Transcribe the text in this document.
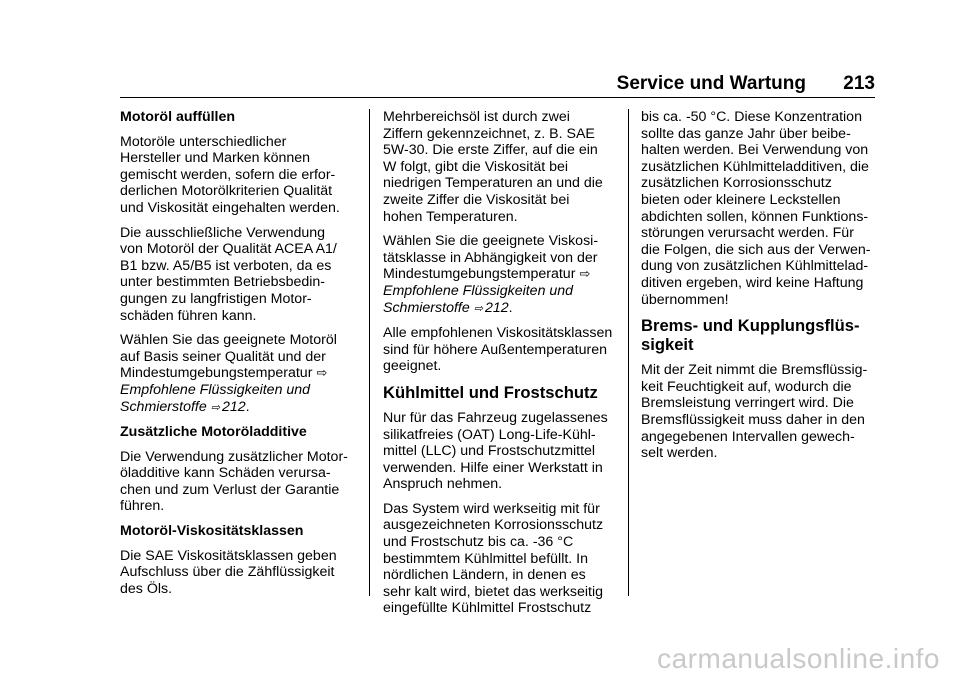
Service und Wartung 213
Motoröl auffüllen
Motoröle unterschiedlicher
Hersteller und Marken können
gemischt werden, sofern die erfor-
derlichen Motorölkriterien Qualität
und Viskosität eingehalten werden.
Die ausschließliche Verwendung
von Motoröl der Qualität ACEA A1/
B1 bzw. A5/B5 ist verboten, da es
unter bestimmten Betriebsbedin-
gungen zu langfristigen Motor-
schäden führen kann.
Wählen Sie das geeignete Motoröl
auf Basis seiner Qualität und der
Mindestumgebungstemperatur ⇨
Empfohlene Flüssigkeiten und
Schmierstoffe ⇨ 212.
Zusätzliche Motoröladditive
Die Verwendung zusätzlicher Motor-
öladditive kann Schäden verursa-
chen und zum Verlust der Garantie
führen.
Motoröl-Viskositätsklassen
Die SAE Viskositätsklassen geben
Aufschluss über die Zähflüssigkeit
des Öls.
Mehrbereichsöl ist durch zwei
Ziffern gekennzeichnet, z. B. SAE
5W-30. Die erste Ziffer, auf die ein
W folgt, gibt die Viskosität bei
niedrigen Temperaturen an und die
zweite Ziffer die Viskosität bei
hohen Temperaturen.
Wählen Sie die geeignete Viskosi-
tätsklasse in Abhängigkeit von der
Mindestumgebungstemperatur ⇨
Empfohlene Flüssigkeiten und
Schmierstoffe ⇨ 212.
Alle empfohlenen Viskositätsklassen
sind für höhere Außentemperaturen
geeignet.
Kühlmittel und Frostschutz
Nur für das Fahrzeug zugelassenes
silikatfreies (OAT) Long-Life-Kühl-
mittel (LLC) und Frostschutzmittel
verwenden. Hilfe einer Werkstatt in
Anspruch nehmen.
Das System wird werkseitig mit für
ausgezeichneten Korrosionsschutz
und Frostschutz bis ca. -36 °C
bestimmtem Kühlmittel befüllt. In
nördlichen Ländern, in denen es
sehr kalt wird, bietet das werkseitig
eingefüllte Kühlmittel Frostschutz
bis ca. -50 °C. Diese Konzentration
sollte das ganze Jahr über beibe-
halten werden. Bei Verwendung von
zusätzlichen Kühlmitteladditiven, die
zusätzlichen Korrosionsschutz
bieten oder kleinere Leckstellen
abdichten sollen, können Funktions-
störungen verursacht werden. Für
die Folgen, die sich aus der Verwen-
dung von zusätzlichen Kühlmittelad-
ditiven ergeben, wird keine Haftung
übernommen!
Brems- und Kupplungsflüs-
sigkeit
Mit der Zeit nimmt die Bremsflüssig-
keit Feuchtigkeit auf, wodurch die
Bremsleistung verringert wird. Die
Bremsflüssigkeit muss daher in den
angegebenen Intervallen gewech-
selt werden.
carmanualsonline.info
